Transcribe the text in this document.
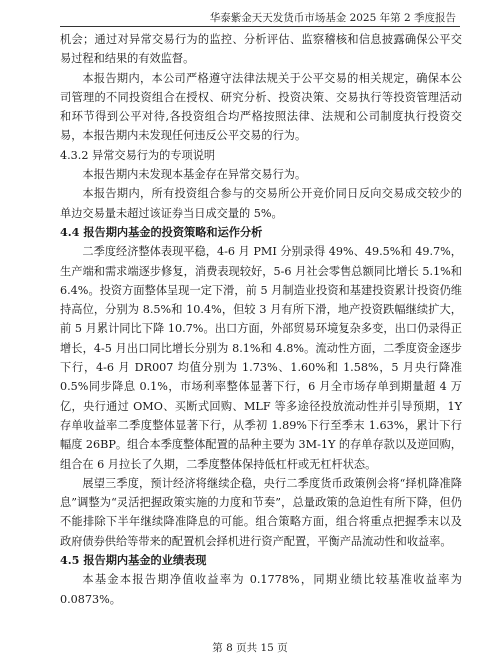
华泰紫金天天发货币市场基金 2025 年第 2 季度报告

机会；通过对异常交易行为的监控、分析评估、监察稽核和信息披露确保公平交易过程和结果的有效监督。

本报告期内，本公司严格遵守法律法规关于公平交易的相关规定，确保本公司管理的不同投资组合在授权、研究分析、投资决策、交易执行等投资管理活动和环节得到公平对待,各投资组合均严格按照法律、法规和公司制度执行投资交易，本报告期内未发现任何违反公平交易的行为。

4.3.2 异常交易行为的专项说明

本报告期内未发现本基金存在异常交易行为。

本报告期内，所有投资组合参与的交易所公开竞价同日反向交易成交较少的单边交易量未超过该证券当日成交量的 5%。

4.4 报告期内基金的投资策略和运作分析

二季度经济整体表现平稳，4-6 月 PMI 分别录得 49%、49.5%和 49.7%，生产端和需求端逐步修复，消费表现较好，5-6 月社会零售总额同比增长 5.1%和 6.4%。投资方面整体呈现一定下滑，前 5 月制造业投资和基建投资累计投资仍维持高位，分别为 8.5%和 10.4%，但较 3 月有所下滑，地产投资跌幅继续扩大，前 5 月累计同比下降 10.7%。出口方面，外部贸易环境复杂多变，出口仍录得正增长，4-5 月出口同比增长分别为 8.1%和 4.8%。流动性方面，二季度资金逐步下行，4-6 月 DR007 均值分别为 1.73%、1.60%和 1.58%，5 月央行降准 0.5%同步降息 0.1%，市场利率整体显著下行，6 月全市场存单到期量超 4 万亿，央行通过 OMO、买断式回购、MLF 等多途径投放流动性并引导预期，1Y 存单收益率二季度整体显著下行，从季初 1.89%下行至季末 1.63%，累计下行幅度 26BP。组合本季度整体配置的品种主要为 3M-1Y 的存单存款以及逆回购，组合在 6 月拉长了久期，二季度整体保持低杠杆或无杠杆状态。

展望三季度，预计经济将继续企稳，央行二季度货币政策例会将“择机降准降息”调整为“灵活把握政策实施的力度和节奏”，总量政策的急迫性有所下降，但仍不能排除下半年继续降准降息的可能。组合策略方面，组合将重点把握季末以及政府债券供给等带来的配置机会择机进行资产配置，平衡产品流动性和收益率。

4.5 报告期内基金的业绩表现

本基金本报告期净值收益率为 0.1778%，同期业绩比较基准收益率为 0.0873%。

第 8 页共 15 页
